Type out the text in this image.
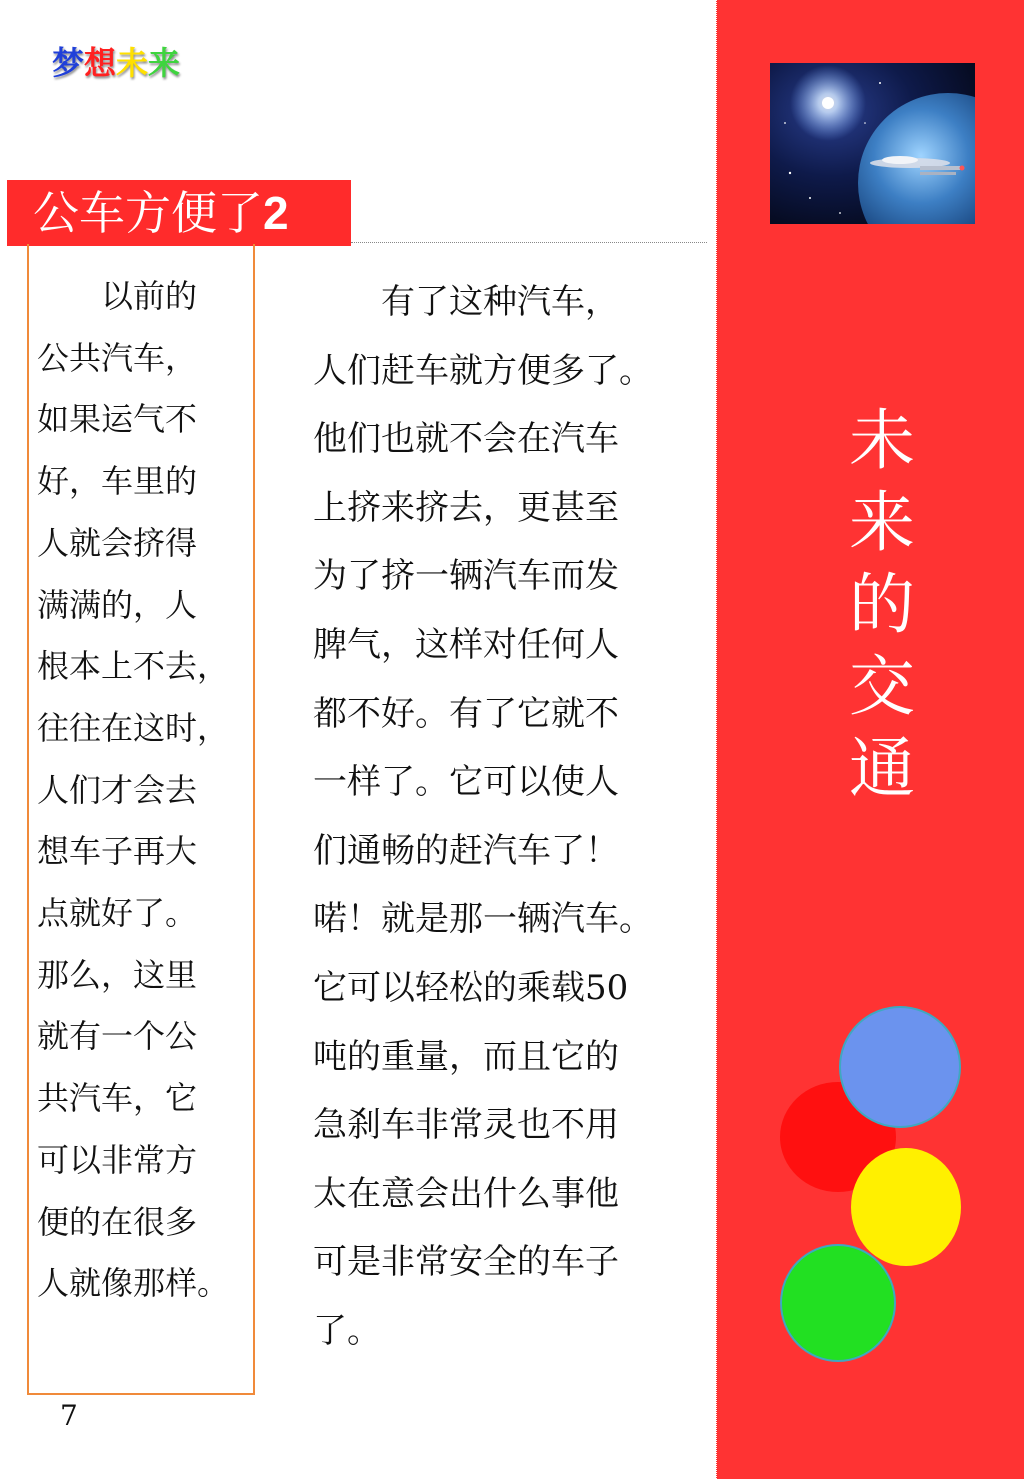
梦想未来
公车方便了2
　　以前的
公共汽车，
如果运气不
好，车里的
人就会挤得
满满的，人
根本上不去，
往往在这时，
人们才会去
想车子再大
点就好了。
那么，这里
就有一个公
共汽车，它
可以非常方
便的在很多
人就像那样。
　　有了这种汽车，
人们赶车就方便多了。
他们也就不会在汽车
上挤来挤去，更甚至
为了挤一辆汽车而发
脾气，这样对任何人
都不好。有了它就不
一样了。它可以使人
们通畅的赶汽车了！
喏！就是那一辆汽车。
它可以轻松的乘载50
吨的重量，而且它的
急刹车非常灵也不用
太在意会出什么事他
可是非常安全的车子
了。
7
未
来
的
交
通
